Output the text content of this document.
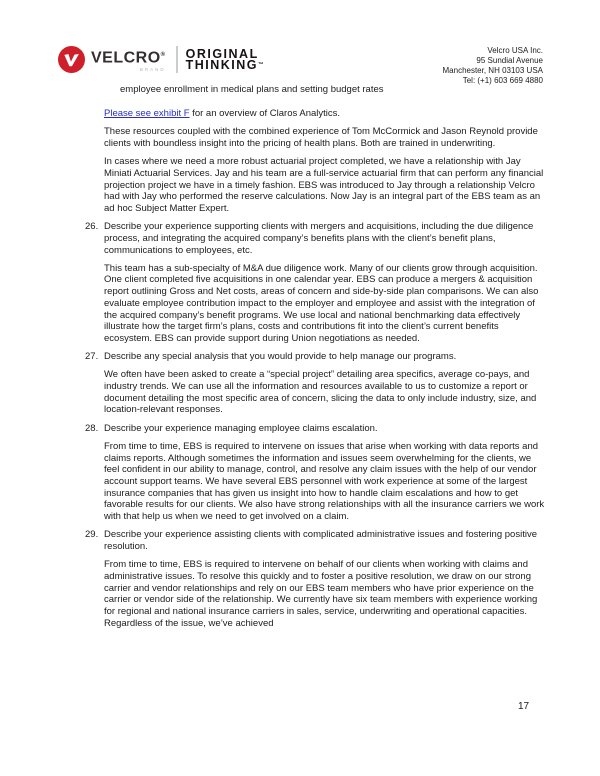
VELCRO®
BRAND
ORIGINAL
THINKING™
Velcro USA Inc.
95 Sundial Avenue
Manchester, NH 03103 USA
Tel: (+1) 603 669 4880
employee enrollment in medical plans and setting budget rates

Please see exhibit F for an overview of Claros Analytics.

These resources coupled with the combined experience of Tom McCormick and Jason Reynold provide clients with boundless insight into the pricing of health plans. Both are trained in underwriting.

In cases where we need a more robust actuarial project completed, we have a relationship with Jay Miniati Actuarial Services. Jay and his team are a full-service actuarial firm that can perform any financial projection project we have in a timely fashion. EBS was introduced to Jay through a relationship Velcro had with Jay who performed the reserve calculations. Now Jay is an integral part of the EBS team as an ad hoc Subject Matter Expert.

26. Describe your experience supporting clients with mergers and acquisitions, including the due diligence process, and integrating the acquired company’s benefits plans with the client’s benefit plans, communications to employees, etc.

This team has a sub-specialty of M&A due diligence work. Many of our clients grow through acquisition. One client completed five acquisitions in one calendar year. EBS can produce a mergers & acquisition report outlining Gross and Net costs, areas of concern and side-by-side plan comparisons. We can also evaluate employee contribution impact to the employer and employee and assist with the integration of the acquired company’s benefit programs. We use local and national benchmarking data effectively illustrate how the target firm’s plans, costs and contributions fit into the client’s current benefits ecosystem. EBS can provide support during Union negotiations as needed.

27. Describe any special analysis that you would provide to help manage our programs.

We often have been asked to create a “special project” detailing area specifics, average co-pays, and industry trends. We can use all the information and resources available to us to customize a report or document detailing the most specific area of concern, slicing the data to only include industry, size, and location-relevant responses.

28. Describe your experience managing employee claims escalation.

From time to time, EBS is required to intervene on issues that arise when working with data reports and claims reports. Although sometimes the information and issues seem overwhelming for the clients, we feel confident in our ability to manage, control, and resolve any claim issues with the help of our vendor account support teams. We have several EBS personnel with work experience at some of the largest insurance companies that has given us insight into how to handle claim escalations and how to get favorable results for our clients. We also have strong relationships with all the insurance carriers we work with that help us when we need to get involved on a claim.

29. Describe your experience assisting clients with complicated administrative issues and fostering positive resolution.

From time to time, EBS is required to intervene on behalf of our clients when working with claims and administrative issues. To resolve this quickly and to foster a positive resolution, we draw on our strong carrier and vendor relationships and rely on our EBS team members who have prior experience on the carrier or vendor side of the relationship. We currently have six team members with experience working for regional and national insurance carriers in sales, service, underwriting and operational capacities. Regardless of the issue, we’ve achieved

17
